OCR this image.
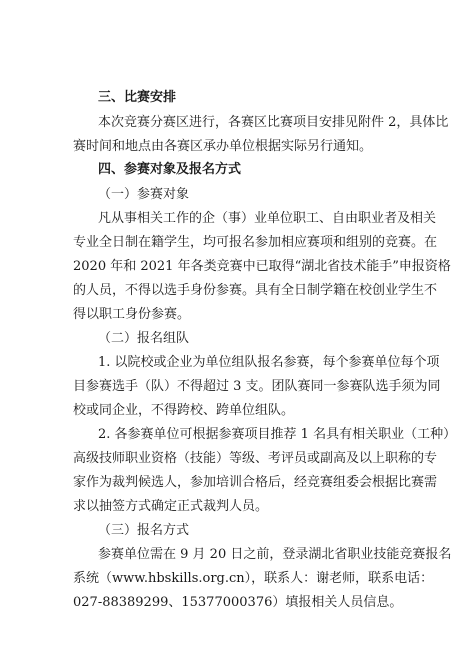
三、比赛安排
本次竞赛分赛区进行，各赛区比赛项目安排见附件 2，具体比
赛时间和地点由各赛区承办单位根据实际另行通知。
四、参赛对象及报名方式
（一）参赛对象
凡从事相关工作的企（事）业单位职工、自由职业者及相关
专业全日制在籍学生，均可报名参加相应赛项和组别的竞赛。在
2020 年和 2021 年各类竞赛中已取得“湖北省技术能手”申报资格
的人员，不得以选手身份参赛。具有全日制学籍在校创业学生不
得以职工身份参赛。
（二）报名组队
1. 以院校或企业为单位组队报名参赛，每个参赛单位每个项
目参赛选手（队）不得超过 3 支。团队赛同一参赛队选手须为同
校或同企业，不得跨校、跨单位组队。
2. 各参赛单位可根据参赛项目推荐 1 名具有相关职业（工种）
高级技师职业资格（技能）等级、考评员或副高及以上职称的专
家作为裁判候选人，参加培训合格后，经竞赛组委会根据比赛需
求以抽签方式确定正式裁判人员。
（三）报名方式
参赛单位需在 9 月 20 日之前，登录湖北省职业技能竞赛报名
系统（www.hbskills.org.cn），联系人：谢老师，联系电话：
027-88389299、15377000376）填报相关人员信息。
